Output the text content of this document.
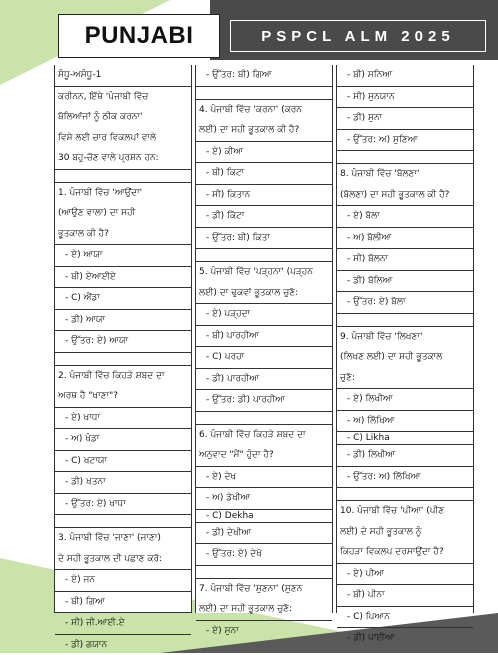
PUNJABI	PSPCL ALM 2025
ਸੰਧੂ-ਅਸੰਧੂ-1
ਕਰੀਨਨ, ਇੱਥੇ 'ਪੰਜਾਬੀ ਵਿੱਚ
ਬੋਲਿਆਂਜਾਂ ਨੂੰ ਠੀਕ ਕਰਨਾ'
ਵਿਸ਼ੇ ਲਈ ਚਾਰ ਵਿਕਲਪਾਂ ਵਾਲੇ
30 ਬਹੁ-ਚੋਣ ਵਾਲੇ ਪ੍ਰਸ਼ਨ ਹਨ:
1. ਪੰਜਾਬੀ ਵਿੱਚ 'ਆਉਂਦਾ'
(ਆਉਣ ਵਾਲਾ) ਦਾ ਸਹੀ
ਭੂਤਕਾਲ ਕੀ ਹੈ?
- ਏ) ਆਯਾ
- ਬੀ) ਏਆਈਏ
- C) ਐਂਡਾ
- ਡੀ) ਆਯਾ
- ਉੱਤਰ: ਏ) ਆਯਾ
2. ਪੰਜਾਬੀ ਵਿੱਚ ਕਿਹੜੇ ਸ਼ਬਦ ਦਾ
ਅਰਥ ਹੈ "ਖਾਣਾ"?
- ਏ) ਖਾਧਾ
- ਅ) ਖੰਡਾ
- C) ਖਟਾਯਾ
- ਡੀ) ਖਤਨਾ
- ਉੱਤਰ: ਏ) ਖਾਧਾ
3. ਪੰਜਾਬੀ ਵਿੱਚ 'ਜਾਣਾ' (ਜਾਣਾ)
ਦੇ ਸਹੀ ਭੂਤਕਾਲ ਦੀ ਪਛਾਣ ਕਰੋ:
- ਏ) ਜਨ
- ਬੀ) ਗਿਆ
- ਸੀ) ਜੀ.ਆਈ.ਏ
- ਡੀ) ਗਯਾਨ
- ਉੱਤਰ: ਬੀ) ਗਿਆ
4. ਪੰਜਾਬੀ ਵਿੱਚ 'ਕਰਨਾ' (ਕਰਨ
ਲਈ) ਦਾ ਸਹੀ ਭੂਤਕਾਲ ਕੀ ਹੈ?
- ਏ) ਕੀਆ
- ਬੀ) ਕਿਟਾ
- ਸੀ) ਕਿਤਾਨ
- ਡੀ) ਕਿੱਟਾ
- ਉੱਤਰ: ਬੀ) ਕਿਤਾ
5. ਪੰਜਾਬੀ ਵਿੱਚ 'ਪੜ੍ਹਨਾ' (ਪੜ੍ਹਨ
ਲਈ) ਦਾ ਢੁਕਵਾਂ ਭੂਤਕਾਲ ਚੁਣੋ:
- ਏ) ਪੜ੍ਹਦਾ
- ਬੀ) ਪਾਰਹੀਆ
- C) ਪਰਹਾ
- ਡੀ) ਪਾਰਹੀਆ
- ਉੱਤਰ: ਡੀ) ਪਾਰਹੀਆ
6. ਪੰਜਾਬੀ ਵਿੱਚ ਕਿਹੜੇ ਸ਼ਬਦ ਦਾ
ਅਨੁਵਾਦ "ਮੈਂ" ਹੁੰਦਾ ਹੈ?
- ਏ) ਦੇਖ
- ਅ) ਡੇਖੀਆ
- C) Dekha
- ਡੀ) ਦੇਖੀਆ
- ਉੱਤਰ: ਏ) ਦੇਖੋ
7. ਪੰਜਾਬੀ ਵਿੱਚ 'ਸੁਣਨਾ' (ਸੁਣਨ
ਲਈ) ਦਾ ਸਹੀ ਭੂਤਕਾਲ ਚੁਣੋ:
- ਏ) ਸੁਨਾ
- ਬੀ) ਸਨਿਆ
- ਸੀ) ਸੁਨਯਾਨ
- ਡੀ) ਸੁਨਾ
- ਉੱਤਰ: ਅ) ਸੁਣਿਆ
8. ਪੰਜਾਬੀ ਵਿੱਚ 'ਬੋਲਣਾ'
(ਬੋਲਣਾ) ਦਾ ਸਹੀ ਭੂਤਕਾਲ ਕੀ ਹੈ?
- ਏ) ਬੋਲਾ
- ਅ) ਬੋਲੀਆ
- ਸੀ) ਬੋਲਨਾ
- ਡੀ) ਬੋਲਿਆ
- ਉੱਤਰ: ਏ) ਬੋਲਾ
9. ਪੰਜਾਬੀ ਵਿੱਚ 'ਲਿਖਣਾ'
(ਲਿਖਣ ਲਈ) ਦਾ ਸਹੀ ਭੂਤਕਾਲ
ਚੁਣੋ:
- ਏ) ਲਿਖੀਆ
- ਅ) ਲਿੱਖਿਆ
- C) Likha
- ਡੀ) ਲਿਖੀਆ
- ਉੱਤਰ: ਅ) ਲਿੱਖਿਆ
10. ਪੰਜਾਬੀ ਵਿੱਚ 'ਪੀਆ' (ਪੀਣ
ਲਈ) ਦੇ ਸਹੀ ਭੂਤਕਾਲ ਨੂੰ
ਕਿਹੜਾ ਵਿਕਲਪ ਦਰਸਾਉਂਦਾ ਹੈ?
- ਏ) ਪੀਆ
- ਬੀ) ਪੀਨਾ
- C) ਪਿਆਨ
- ਡੀ) ਪਾਈਆ
